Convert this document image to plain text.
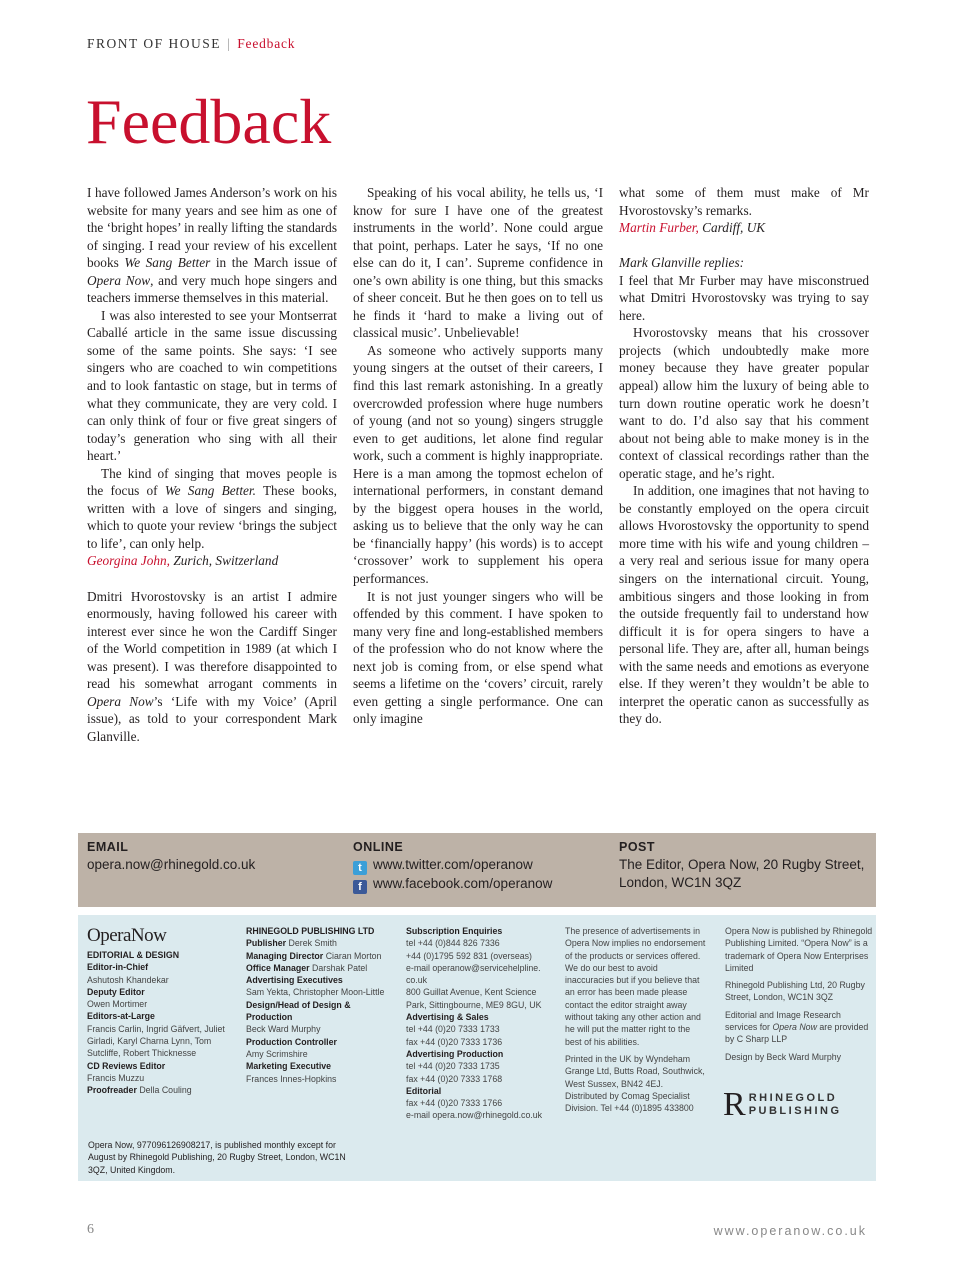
FRONT OF HOUSE | Feedback
Feedback

I have followed James Anderson’s work on his website for many years and see him as one of the ‘bright hopes’ in really lifting the standards of singing. I read your review of his excellent books We Sang Better in the March issue of Opera Now, and very much hope singers and teachers immerse themselves in this material.

I was also interested to see your Montserrat Caballé article in the same issue discussing some of the same points. She says: ‘I see singers who are coached to win competitions and to look fantastic on stage, but in terms of what they communicate, they are very cold. I can only think of four or five great singers of today’s generation who sing with all their heart.’

The kind of singing that moves people is the focus of We Sang Better. These books, written with a love of singers and singing, which to quote your review ‘brings the subject to life’, can only help.

Georgina John, Zurich, Switzerland

Dmitri Hvorostovsky is an artist I admire enormously, having followed his career with interest ever since he won the Cardiff Singer of the World competition in 1989 (at which I was present). I was therefore disappointed to read his somewhat arrogant comments in Opera Now’s ‘Life with my Voice’ (April issue), as told to your correspondent Mark Glanville.

Speaking of his vocal ability, he tells us, ‘I know for sure I have one of the greatest instruments in the world’. None could argue that point, perhaps. Later he says, ‘If no one else can do it, I can’. Supreme confidence in one’s own ability is one thing, but this smacks of sheer conceit. But he then goes on to tell us he finds it ‘hard to make a living out of classical music’. Unbelievable!

As someone who actively supports many young singers at the outset of their careers, I find this last remark astonishing. In a greatly overcrowded profession where huge numbers of young (and not so young) singers struggle even to get auditions, let alone find regular work, such a comment is highly inappropriate. Here is a man among the topmost echelon of international performers, in constant demand by the biggest opera houses in the world, asking us to believe that the only way he can be ‘financially happy’ (his words) is to accept ‘crossover’ work to supplement his opera performances.

It is not just younger singers who will be offended by this comment. I have spoken to many very fine and long-established members of the profession who do not know where the next job is coming from, or else spend what seems a lifetime on the ‘covers’ circuit, rarely even getting a single performance. One can only imagine

what some of them must make of Mr Hvorostovsky’s remarks.

Martin Furber, Cardiff, UK

Mark Glanville replies:

I feel that Mr Furber may have misconstrued what Dmitri Hvorostovsky was trying to say here.

Hvorostovsky means that his crossover projects (which undoubtedly make more money because they have greater popular appeal) allow him the luxury of being able to turn down routine operatic work he doesn’t want to do. I’d also say that his comment about not being able to make money is in the context of classical recordings rather than the operatic stage, and he’s right.

In addition, one imagines that not having to be constantly employed on the opera circuit allows Hvorostovsky the opportunity to spend more time with his wife and young children – a very real and serious issue for many opera singers on the international circuit. Young, ambitious singers and those looking in from the outside frequently fail to understand how difficult it is for opera singers to have a personal life. They are, after all, human beings with the same needs and emotions as everyone else. If they weren’t they wouldn’t be able to interpret the operatic canon as successfully as they do.

EMAIL
opera.now@rhinegold.co.uk
ONLINE
t www.twitter.com/operanow
f www.facebook.com/operanow
POST
The Editor, Opera Now, 20 Rugby Street,
London, WC1N 3QZ
OperaNow

EDITORIAL & DESIGN

Editor-in-Chief

Ashutosh Khandekar

Deputy Editor

Owen Mortimer

Editors-at-Large

Francis Carlin, Ingrid Gäfvert, Juliet Girladi, Karyl Charna Lynn, Tom Sutcliffe, Robert Thicknesse

CD Reviews Editor

Francis Muzzu

Proofreader Della Couling

RHINEGOLD PUBLISHING LTD

Publisher Derek Smith

Managing Director Ciaran Morton

Office Manager Darshak Patel

Advertising Executives

Sam Yekta, Christopher Moon-Little

Design/Head of Design & Production

Beck Ward Murphy

Production Controller

Amy Scrimshire

Marketing Executive

Frances Innes-Hopkins

Subscription Enquiries

tel +44 (0)844 826 7336

+44 (0)1795 592 831 (overseas)

e-mail operanow@servicehelpline. co.uk

800 Guillat Avenue, Kent Science Park, Sittingbourne, ME9 8GU, UK

Advertising & Sales

tel +44 (0)20 7333 1733

fax +44 (0)20 7333 1736

Advertising Production

tel +44 (0)20 7333 1735

fax +44 (0)20 7333 1768

Editorial

fax +44 (0)20 7333 1766

e-mail opera.now@rhinegold.co.uk

The presence of advertisements in Opera Now implies no endorsement of the products or services offered. We do our best to avoid inaccuracies but if you believe that an error has been made please contact the editor straight away without taking any other action and he will put the matter right to the best of his abilities.

Printed in the UK by Wyndeham Grange Ltd, Butts Road, Southwick, West Sussex, BN42 4EJ. Distributed by Comag Specialist Division. Tel +44 (0)1895 433800

Opera Now is published by Rhinegold Publishing Limited. “Opera Now” is a trademark of Opera Now Enterprises Limited

Rhinegold Publishing Ltd, 20 Rugby Street, London, WC1N 3QZ

Editorial and Image Research services for Opera Now are provided by C Sharp LLP

Design by Beck Ward Murphy

R RHINEGOLD
PUBLISHING
Opera Now, 977096126908217, is published monthly except for August by Rhinegold Publishing, 20 Rugby Street, London, WC1N 3QZ, United Kingdom.
6	www.operanow.co.uk
